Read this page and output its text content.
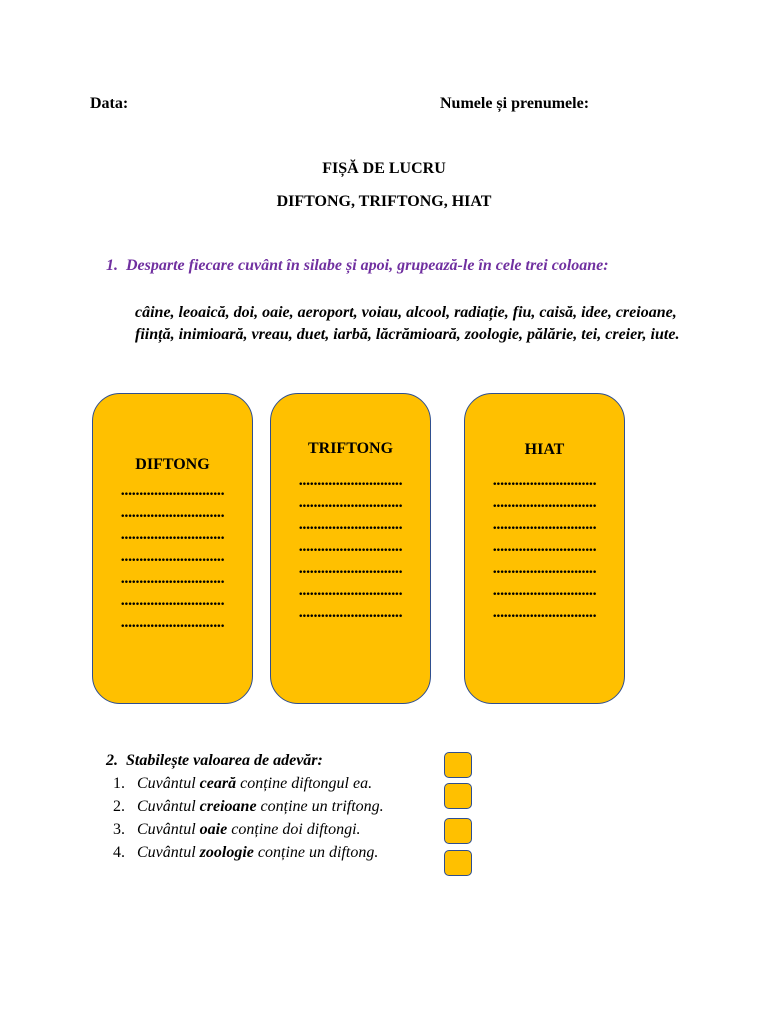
Data:	Numele și prenumele:
FIȘĂ DE LUCRU
DIFTONG, TRIFTONG, HIAT
1. Desparte fiecare cuvânt în silabe și apoi, grupează-le în cele trei coloane:
câine, leoaică, doi, oaie, aeroport, voiau, alcool, radiație, fiu, caisă, idee, creioane, ființă, inimioară, vreau, duet, iarbă, lăcrămioară, zoologie, pălărie, tei, creier, iute.
DIFTONG
............................
............................
............................
............................
............................
............................
............................
TRIFTONG
............................
............................
............................
............................
............................
............................
............................
HIAT
............................
............................
............................
............................
............................
............................
............................
2. Stabilește valoarea de adevăr:
1. Cuvântul ceară conține diftongul ea.
2. Cuvântul creioane conține un triftong.
3. Cuvântul oaie conține doi diftongi.
4. Cuvântul zoologie conține un diftong.
